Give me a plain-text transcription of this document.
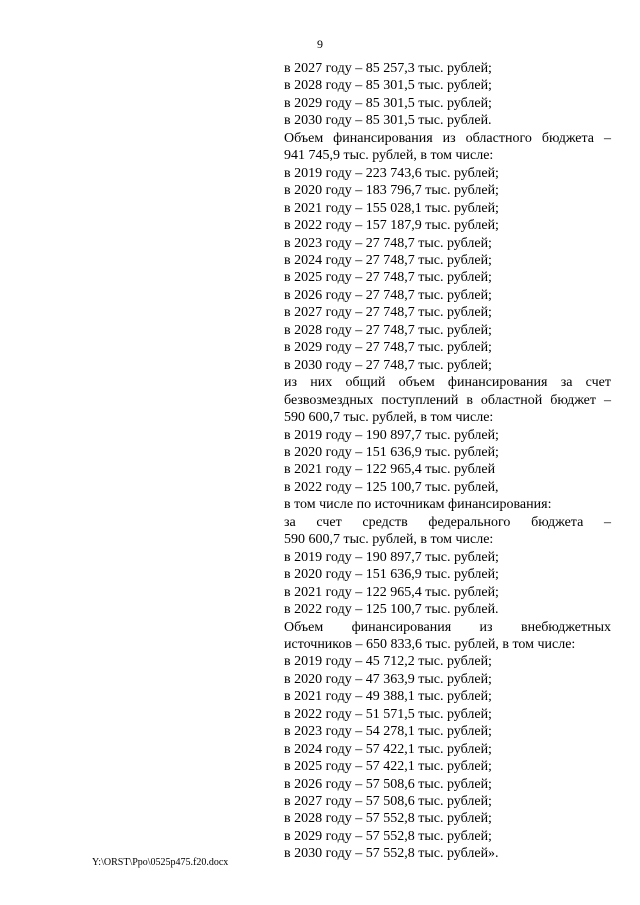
9
в 2027 году – 85 257,3 тыс. рублей;
в 2028 году – 85 301,5 тыс. рублей;
в 2029 году – 85 301,5 тыс. рублей;
в 2030 году – 85 301,5 тыс. рублей.
Объем финансирования из областного бюджета –
941 745,9 тыс. рублей, в том числе:
в 2019 году – 223 743,6 тыс. рублей;
в 2020 году – 183 796,7 тыс. рублей;
в 2021 году – 155 028,1 тыс. рублей;
в 2022 году – 157 187,9 тыс. рублей;
в 2023 году – 27 748,7 тыс. рублей;
в 2024 году – 27 748,7 тыс. рублей;
в 2025 году – 27 748,7 тыс. рублей;
в 2026 году – 27 748,7 тыс. рублей;
в 2027 году – 27 748,7 тыс. рублей;
в 2028 году – 27 748,7 тыс. рублей;
в 2029 году – 27 748,7 тыс. рублей;
в 2030 году – 27 748,7 тыс. рублей;
из них общий объем финансирования за счет
безвозмездных поступлений в областной бюджет –
590 600,7 тыс. рублей, в том числе:
в 2019 году – 190 897,7 тыс. рублей;
в 2020 году – 151 636,9 тыс. рублей;
в 2021 году – 122 965,4 тыс. рублей
в 2022 году – 125 100,7 тыс. рублей,
в том числе по источникам финансирования:
за счет средств федерального бюджета –
590 600,7 тыс. рублей, в том числе:
в 2019 году – 190 897,7 тыс. рублей;
в 2020 году – 151 636,9 тыс. рублей;
в 2021 году – 122 965,4 тыс. рублей;
в 2022 году – 125 100,7 тыс. рублей.
Объем финансирования из внебюджетных
источников – 650 833,6 тыс. рублей, в том числе:
в 2019 году – 45 712,2 тыс. рублей;
в 2020 году – 47 363,9 тыс. рублей;
в 2021 году – 49 388,1 тыс. рублей;
в 2022 году – 51 571,5 тыс. рублей;
в 2023 году – 54 278,1 тыс. рублей;
в 2024 году – 57 422,1 тыс. рублей;
в 2025 году – 57 422,1 тыс. рублей;
в 2026 году – 57 508,6 тыс. рублей;
в 2027 году – 57 508,6 тыс. рублей;
в 2028 году – 57 552,8 тыс. рублей;
в 2029 году – 57 552,8 тыс. рублей;
в 2030 году – 57 552,8 тыс. рублей».
Y:\ORST\Ppo\0525p475.f20.docx
